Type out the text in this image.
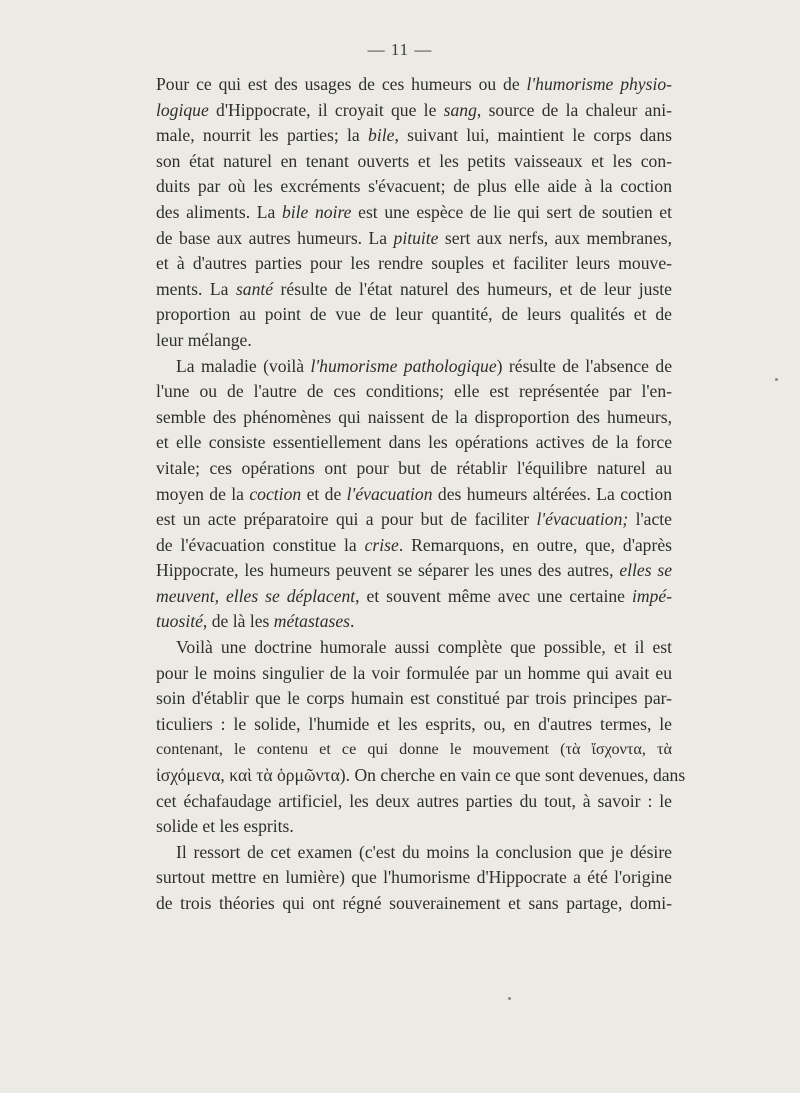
— 11 —
Pour ce qui est des usages de ces humeurs ou de l'humorisme physio-
logique d'Hippocrate, il croyait que le sang, source de la chaleur ani-
male, nourrit les parties; la bile, suivant lui, maintient le corps dans
son état naturel en tenant ouverts et les petits vaisseaux et les con-
duits par où les excréments s'évacuent; de plus elle aide à la coction
des aliments. La bile noire est une espèce de lie qui sert de soutien et
de base aux autres humeurs. La pituite sert aux nerfs, aux membranes,
et à d'autres parties pour les rendre souples et faciliter leurs mouve-
ments. La santé résulte de l'état naturel des humeurs, et de leur juste
proportion au point de vue de leur quantité, de leurs qualités et de
leur mélange.
La maladie (voilà l'humorisme pathologique) résulte de l'absence de
l'une ou de l'autre de ces conditions; elle est représentée par l'en-
semble des phénomènes qui naissent de la disproportion des humeurs,
et elle consiste essentiellement dans les opérations actives de la force
vitale; ces opérations ont pour but de rétablir l'équilibre naturel au
moyen de la coction et de l'évacuation des humeurs altérées. La coction
est un acte préparatoire qui a pour but de faciliter l'évacuation; l'acte
de l'évacuation constitue la crise. Remarquons, en outre, que, d'après
Hippocrate, les humeurs peuvent se séparer les unes des autres, elles se
meuvent, elles se déplacent, et souvent même avec une certaine impé-
tuosité, de là les métastases.
Voilà une doctrine humorale aussi complète que possible, et il est
pour le moins singulier de la voir formulée par un homme qui avait eu
soin d'établir que le corps humain est constitué par trois principes par-
ticuliers : le solide, l'humide et les esprits, ou, en d'autres termes, le
contenant, le contenu et ce qui donne le mouvement (τὰ ἴσχοντα, τὰ
ἰσχόμενα, καὶ τὰ ὁρμῶντα). On cherche en vain ce que sont devenues, dans
cet échafaudage artificiel, les deux autres parties du tout, à savoir : le
solide et les esprits.
Il ressort de cet examen (c'est du moins la conclusion que je désire
surtout mettre en lumière) que l'humorisme d'Hippocrate a été l'origine
de trois théories qui ont régné souverainement et sans partage, domi-
